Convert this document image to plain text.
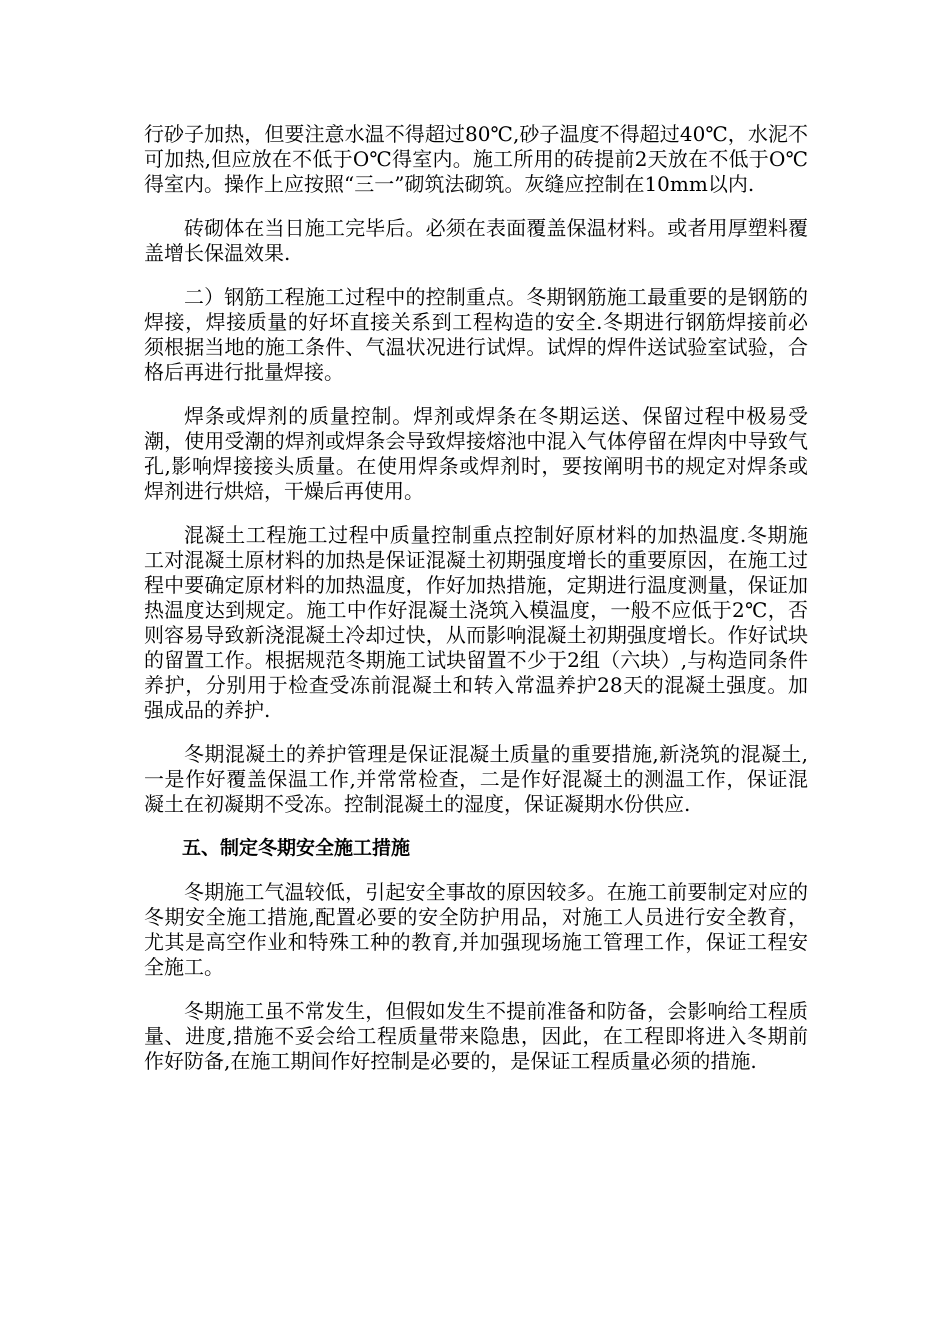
行砂子加热，但要注意水温不得超过80℃,砂子温度不得超过40℃，水泥不可加热,但应放在不低于O℃得室内。施工所用的砖提前2天放在不低于O℃得室内。操作上应按照“三一”砌筑法砌筑。灰缝应控制在10mm以内.

砖砌体在当日施工完毕后。必须在表面覆盖保温材料。或者用厚塑料覆盖增长保温效果.

二）钢筋工程施工过程中的控制重点。冬期钢筋施工最重要的是钢筋的焊接，焊接质量的好坏直接关系到工程构造的安全.冬期进行钢筋焊接前必须根据当地的施工条件、气温状况进行试焊。试焊的焊件送试验室试验，合格后再进行批量焊接。

焊条或焊剂的质量控制。焊剂或焊条在冬期运送、保留过程中极易受潮，使用受潮的焊剂或焊条会导致焊接熔池中混入气体停留在焊肉中导致气孔,影响焊接接头质量。在使用焊条或焊剂时，要按阐明书的规定对焊条或焊剂进行烘焙，干燥后再使用。

混凝土工程施工过程中质量控制重点控制好原材料的加热温度.冬期施工对混凝土原材料的加热是保证混凝土初期强度增长的重要原因，在施工过程中要确定原材料的加热温度，作好加热措施，定期进行温度测量，保证加热温度达到规定。施工中作好混凝土浇筑入模温度，一般不应低于2℃，否则容易导致新浇混凝土冷却过快，从而影响混凝土初期强度增长。作好试块的留置工作。根据规范冬期施工试块留置不少于2组（六块）,与构造同条件养护，分别用于检查受冻前混凝土和转入常温养护28天的混凝土强度。加强成品的养护.

冬期混凝土的养护管理是保证混凝土质量的重要措施,新浇筑的混凝土,一是作好覆盖保温工作,并常常检查，二是作好混凝土的测温工作，保证混凝土在初凝期不受冻。控制混凝土的湿度，保证凝期水份供应.

五、制定冬期安全施工措施

冬期施工气温较低，引起安全事故的原因较多。在施工前要制定对应的冬期安全施工措施,配置必要的安全防护用品，对施工人员进行安全教育，尤其是高空作业和特殊工种的教育,并加强现场施工管理工作，保证工程安全施工。

冬期施工虽不常发生，但假如发生不提前准备和防备，会影响给工程质量、进度,措施不妥会给工程质量带来隐患，因此，在工程即将进入冬期前作好防备,在施工期间作好控制是必要的，是保证工程质量必须的措施.
